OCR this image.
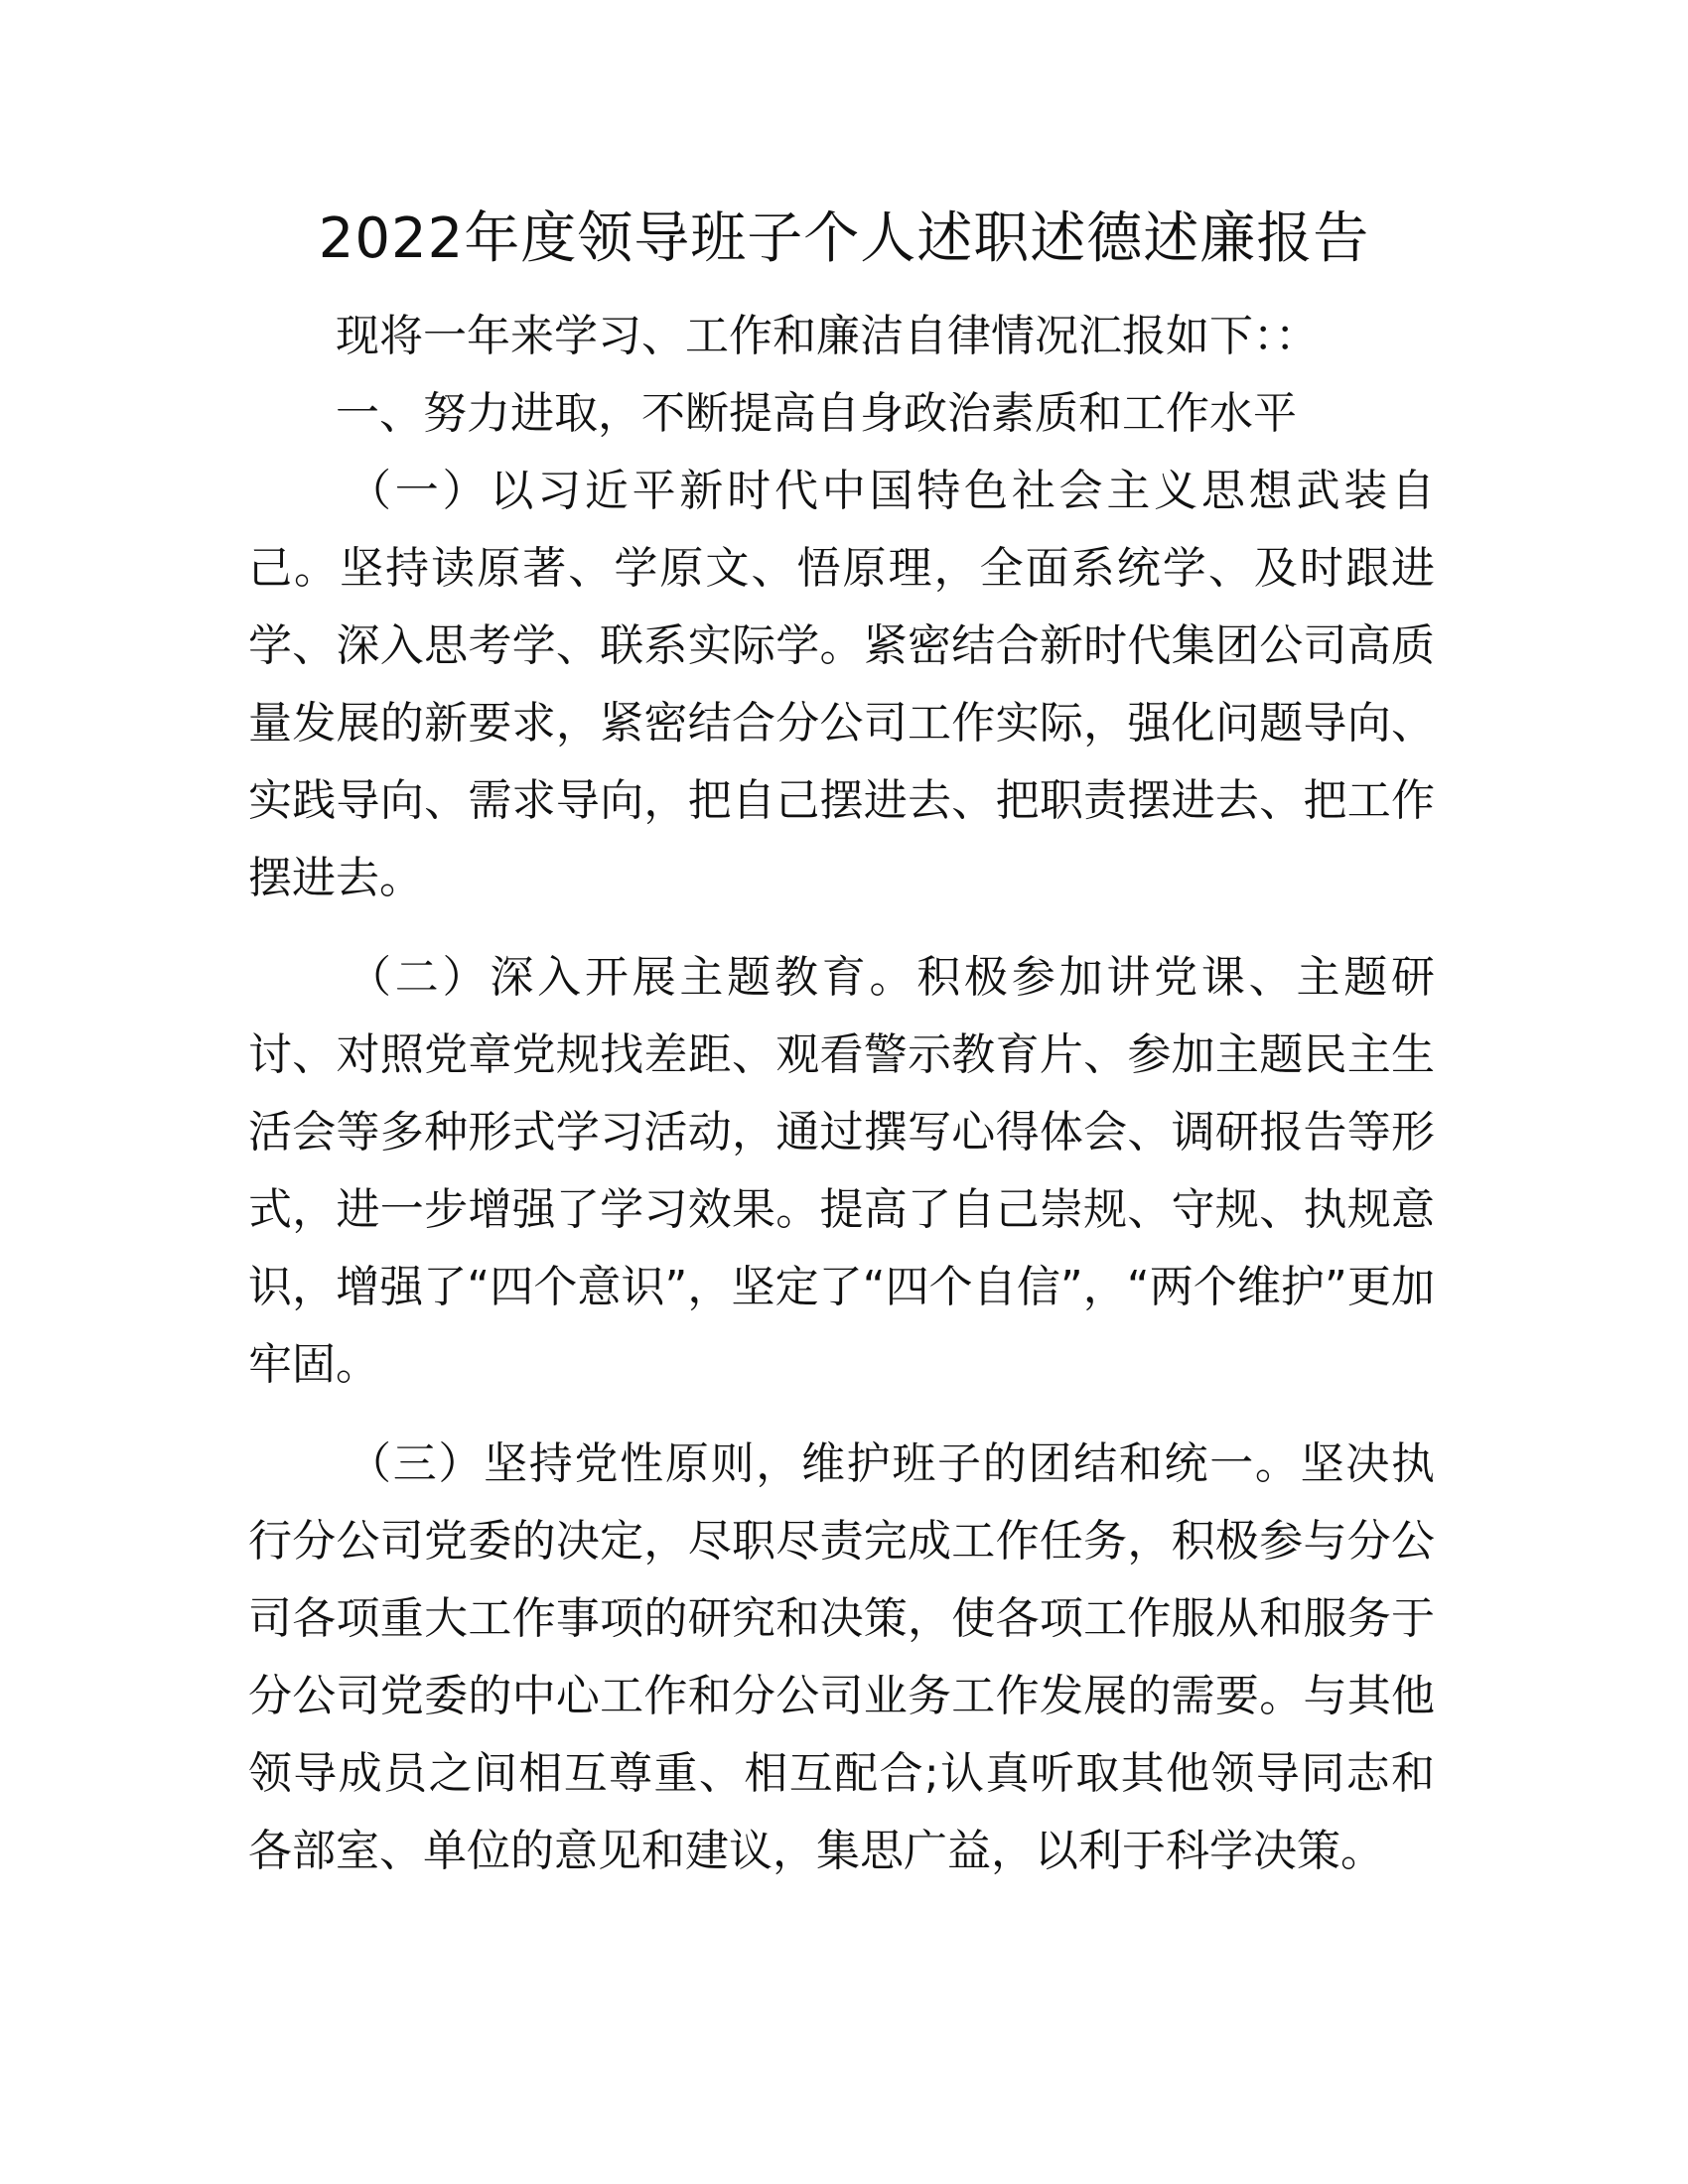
2022年度领导班子个人述职述德述廉报告

现将一年来学习、工作和廉洁自律情况汇报如下：：

一、努力进取，不断提高自身政治素质和工作水平

（一）以习近平新时代中国特色社会主义思想武装自己。坚持读原著、学原文、悟原理，全面系统学、及时跟进学、深入思考学、联系实际学。紧密结合新时代集团公司高质量发展的新要求，紧密结合分公司工作实际，强化问题导向、实践导向、需求导向，把自己摆进去、把职责摆进去、把工作摆进去。

（二）深入开展主题教育。积极参加讲党课、主题研讨、对照党章党规找差距、观看警示教育片、参加主题民主生活会等多种形式学习活动，通过撰写心得体会、调研报告等形式，进一步增强了学习效果。提高了自己崇规、守规、执规意识，增强了“四个意识”，坚定了“四个自信”，“两个维护”更加牢固。

（三）坚持党性原则，维护班子的团结和统一。坚决执行分公司党委的决定，尽职尽责完成工作任务，积极参与分公司各项重大工作事项的研究和决策，使各项工作服从和服务于分公司党委的中心工作和分公司业务工作发展的需要。与其他领导成员之间相互尊重、相互配合;认真听取其他领导同志和各部室、单位的意见和建议，集思广益，以利于科学决策。
